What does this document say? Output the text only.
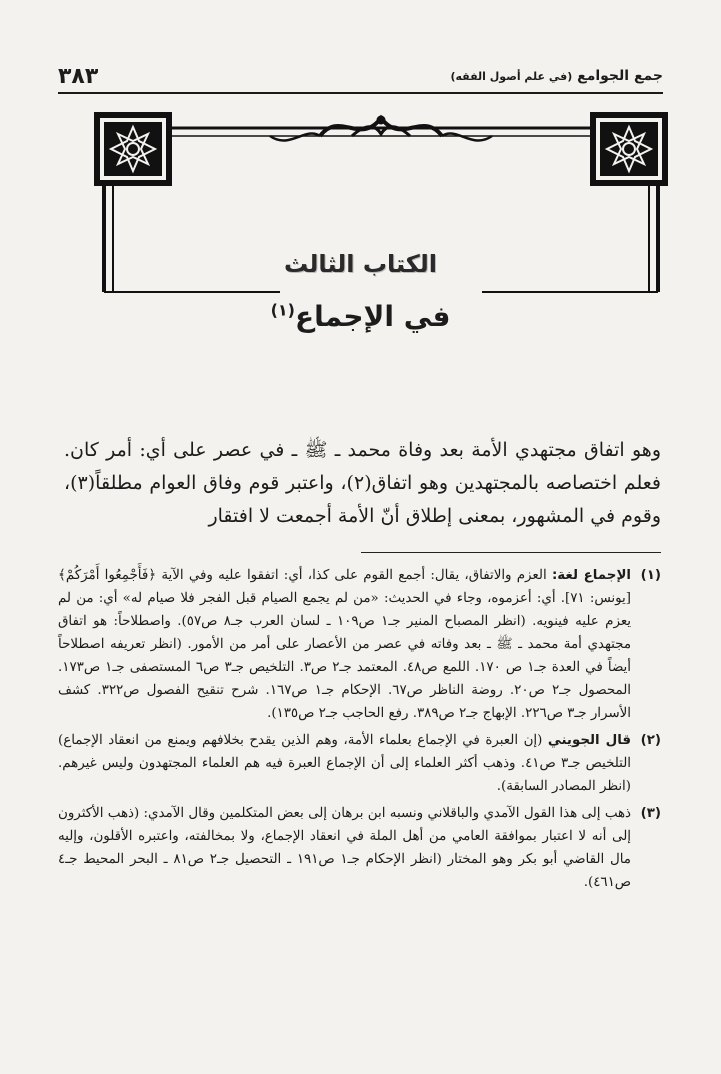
جمع الجوامع (في علم أصول الفقه)
٣٨٣
الكتاب الثالث
في الإجماع$^{(١)}$

وهو اتفاق مجتهدي الأمة بعد وفاة محمد ـ ﷺ ـ في عصر على أي: أمر كان. فعلم اختصاصه بالمجتهدين وهو اتفاق(٢)، واعتبر قوم وفاق العوام مطلقاً(٣)، وقوم في المشهور، بمعنى إطلاق أنّ الأمة أجمعت لا افتقار

(١)
الإجماع لغة: العزم والاتفاق، يقال: أجمع القوم على كذا، أي: اتفقوا عليه وفي الآية ﴿فَأَجْمِعُوا أَمْرَكُمْ﴾ [يونس: ٧١]. أي: أعزموه، وجاء في الحديث: «من لم يجمع الصيام قبل الفجر فلا صيام له» أي: من لم يعزم عليه فينويه. (انظر المصباح المنير جـ١ ص١٠٩ ـ لسان العرب جـ٨ ص٥٧). واصطلاحاً: هو اتفاق مجتهدي أمة محمد ـ ﷺ ـ بعد وفاته في عصر من الأعصار على أمر من الأمور. (انظر تعريفه اصطلاحاً أيضاً في العدة جـ١ ص ١٧٠. اللمع ص٤٨. المعتمد جـ٢ ص٣. التلخيص جـ٣ ص٦ المستصفى جـ١ ص١٧٣. المحصول جـ٢ ص٢٠. روضة الناظر ص٦٧. الإحكام جـ١ ص١٦٧. شرح تنقيح الفصول ص٣٢٢. كشف الأسرار جـ٣ ص٢٢٦. الإبهاج جـ٢ ص٣٨٩. رفع الحاجب جـ٢ ص١٣٥).
(٢)
قال الجويني (إن العبرة في الإجماع بعلماء الأمة، وهم الذين يقدح بخلافهم ويمنع من انعقاد الإجماع) التلخيص جـ٣ ص٤١. وذهب أكثر العلماء إلى أن الإجماع العبرة فيه هم العلماء المجتهدون وليس غيرهم. (انظر المصادر السابقة).
(٣)
ذهب إلى هذا القول الآمدي والباقلاني ونسبه ابن برهان إلى بعض المتكلمين وقال الآمدي: (ذهب الأكثرون إلى أنه لا اعتبار بموافقة العامي من أهل الملة في انعقاد الإجماع، ولا بمخالفته، واعتبره الأقلون، وإليه مال القاضي أبو بكر وهو المختار (انظر الإحكام جـ١ ص١٩١ ـ التحصيل جـ٢ ص٨١ ـ البحر المحيط جـ٤ ص٤٦١).
